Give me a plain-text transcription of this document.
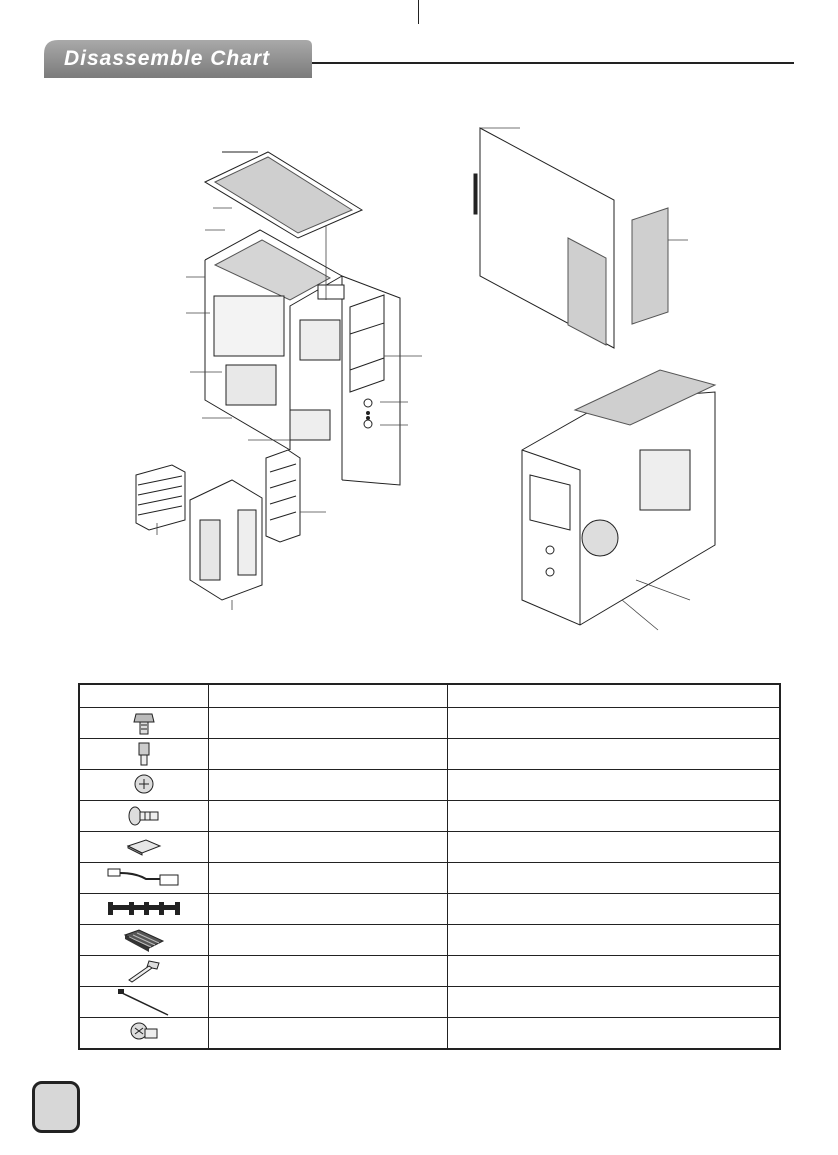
Disassemble Chart
